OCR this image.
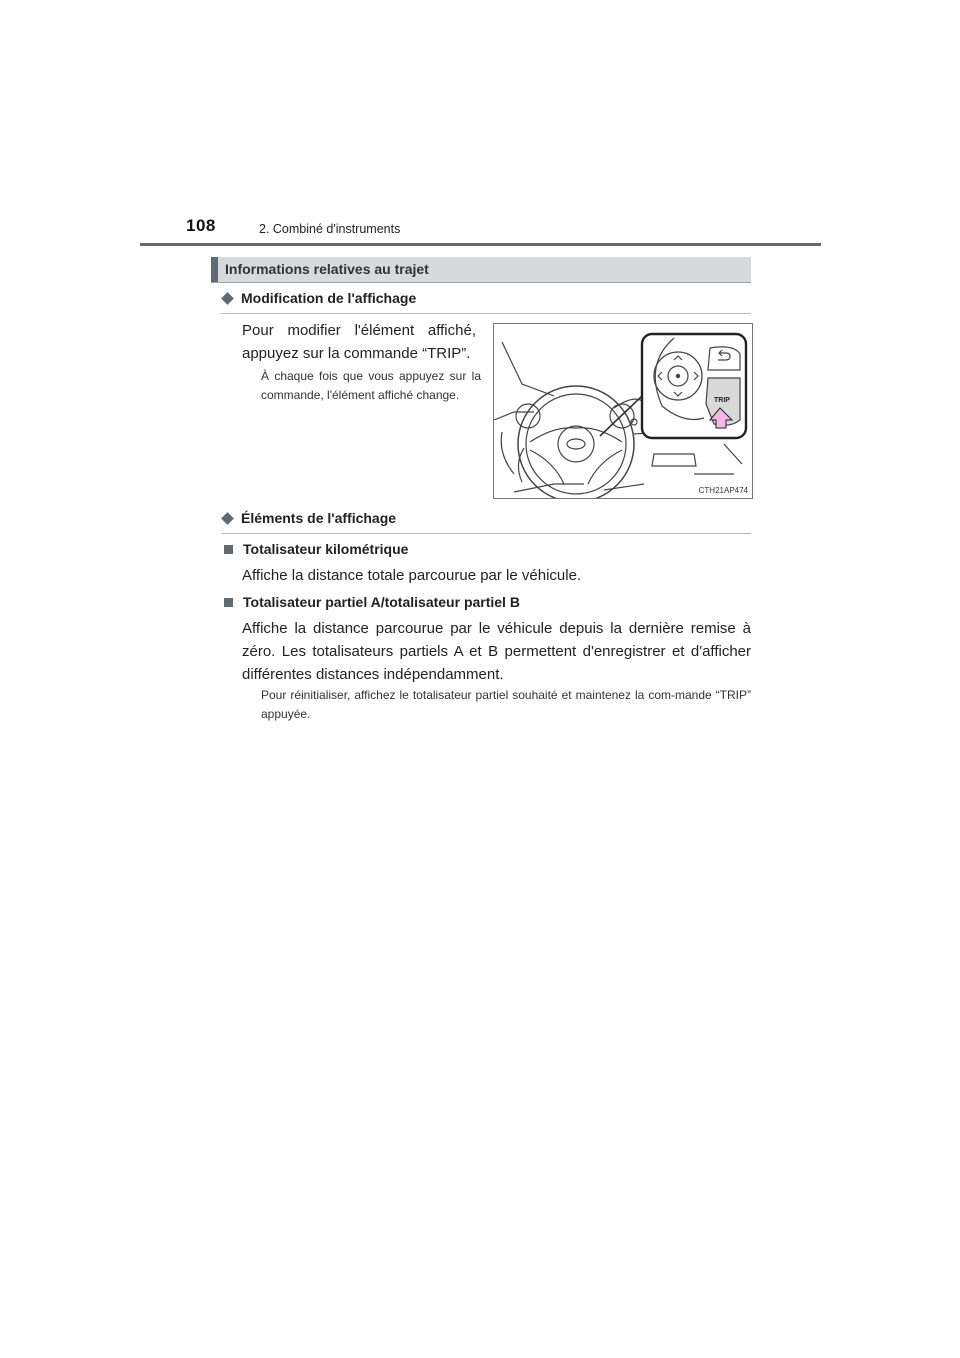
108	2. Combiné d'instruments
Informations relatives au trajet
Modification de l'affichage
Pour modifier l'élément affiché, appuyez sur la commande “TRIP”.
À chaque fois que vous appuyez sur la commande, l'élément affiché change.	TRIP
CTH21AP474
Éléments de l'affichage
Totalisateur kilométrique
Affiche la distance totale parcourue par le véhicule.
Totalisateur partiel A/totalisateur partiel B
Affiche la distance parcourue par le véhicule depuis la dernière remise à zéro. Les totalisateurs partiels A et B permettent d'enregistrer et d'afficher différentes distances indépendamment.
Pour réinitialiser, affichez le totalisateur partiel souhaité et maintenez la com-mande “TRIP” appuyée.
